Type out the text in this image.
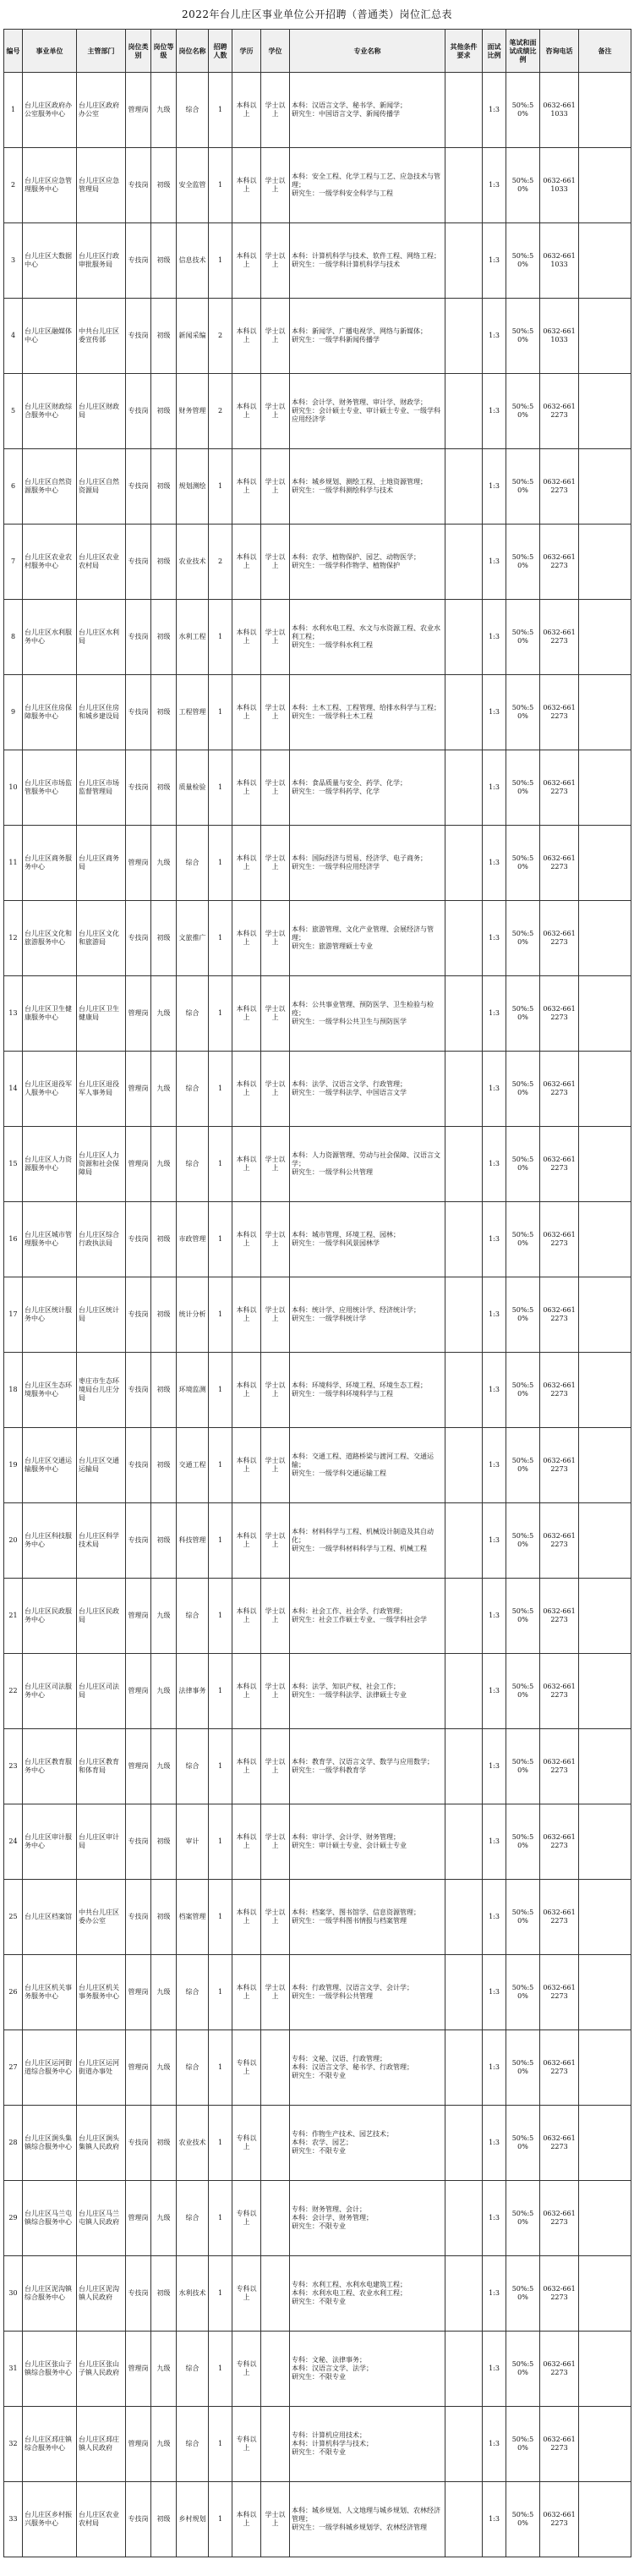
2022年台儿庄区事业单位公开招聘（普通类）岗位汇总表
编号	事业单位	主管部门	岗位类别	岗位等级	岗位名称	招聘人数	学历	学位	专业名称	其他条件要求	面试比例	笔试和面试成绩比例	咨询电话	备注
1	台儿庄区政府办公室服务中心	台儿庄区政府办公室	管理岗	九级	综合	1	本科以上	学士以上	本科：汉语言文学、秘书学、新闻学；
研究生：中国语言文学、新闻传播学		1:3	50%:50%	0632-6611033	
2	台儿庄区应急管理服务中心	台儿庄区应急管理局	专技岗	初级	安全监管	1	本科以上	学士以上	本科：安全工程、化学工程与工艺、应急技术与管理；
研究生：一级学科安全科学与工程		1:3	50%:50%	0632-6611033	
3	台儿庄区大数据中心	台儿庄区行政审批服务局	专技岗	初级	信息技术	1	本科以上	学士以上	本科：计算机科学与技术、软件工程、网络工程；
研究生：一级学科计算机科学与技术		1:3	50%:50%	0632-6611033	
4	台儿庄区融媒体中心	中共台儿庄区委宣传部	专技岗	初级	新闻采编	2	本科以上	学士以上	本科：新闻学、广播电视学、网络与新媒体；
研究生：一级学科新闻传播学		1:3	50%:50%	0632-6611033	
5	台儿庄区财政综合服务中心	台儿庄区财政局	专技岗	初级	财务管理	2	本科以上	学士以上	本科：会计学、财务管理、审计学、财政学；
研究生：会计硕士专业、审计硕士专业、一级学科应用经济学		1:3	50%:50%	0632-6612273	
6	台儿庄区自然资源服务中心	台儿庄区自然资源局	专技岗	初级	规划测绘	1	本科以上	学士以上	本科：城乡规划、测绘工程、土地资源管理；
研究生：一级学科测绘科学与技术		1:3	50%:50%	0632-6612273	
7	台儿庄区农业农村服务中心	台儿庄区农业农村局	专技岗	初级	农业技术	2	本科以上	学士以上	本科：农学、植物保护、园艺、动物医学；
研究生：一级学科作物学、植物保护		1:3	50%:50%	0632-6612273	
8	台儿庄区水利服务中心	台儿庄区水利局	专技岗	初级	水利工程	1	本科以上	学士以上	本科：水利水电工程、水文与水资源工程、农业水利工程；
研究生：一级学科水利工程		1:3	50%:50%	0632-6612273	
9	台儿庄区住房保障服务中心	台儿庄区住房和城乡建设局	专技岗	初级	工程管理	1	本科以上	学士以上	本科：土木工程、工程管理、给排水科学与工程；
研究生：一级学科土木工程		1:3	50%:50%	0632-6612273	
10	台儿庄区市场监管服务中心	台儿庄区市场监督管理局	专技岗	初级	质量检验	1	本科以上	学士以上	本科：食品质量与安全、药学、化学；
研究生：一级学科药学、化学		1:3	50%:50%	0632-6612273	
11	台儿庄区商务服务中心	台儿庄区商务局	管理岗	九级	综合	1	本科以上	学士以上	本科：国际经济与贸易、经济学、电子商务；
研究生：一级学科应用经济学		1:3	50%:50%	0632-6612273	
12	台儿庄区文化和旅游服务中心	台儿庄区文化和旅游局	专技岗	初级	文旅推广	1	本科以上	学士以上	本科：旅游管理、文化产业管理、会展经济与管理；
研究生：旅游管理硕士专业		1:3	50%:50%	0632-6612273	
13	台儿庄区卫生健康服务中心	台儿庄区卫生健康局	管理岗	九级	综合	1	本科以上	学士以上	本科：公共事业管理、预防医学、卫生检验与检疫；
研究生：一级学科公共卫生与预防医学		1:3	50%:50%	0632-6612273	
14	台儿庄区退役军人服务中心	台儿庄区退役军人事务局	管理岗	九级	综合	1	本科以上	学士以上	本科：法学、汉语言文学、行政管理；
研究生：一级学科法学、中国语言文学		1:3	50%:50%	0632-6612273	
15	台儿庄区人力资源服务中心	台儿庄区人力资源和社会保障局	管理岗	九级	综合	1	本科以上	学士以上	本科：人力资源管理、劳动与社会保障、汉语言文学；
研究生：一级学科公共管理		1:3	50%:50%	0632-6612273	
16	台儿庄区城市管理服务中心	台儿庄区综合行政执法局	专技岗	初级	市政管理	1	本科以上	学士以上	本科：城市管理、环境工程、园林；
研究生：一级学科风景园林学		1:3	50%:50%	0632-6612273	
17	台儿庄区统计服务中心	台儿庄区统计局	专技岗	初级	统计分析	1	本科以上	学士以上	本科：统计学、应用统计学、经济统计学；
研究生：一级学科统计学		1:3	50%:50%	0632-6612273	
18	台儿庄区生态环境服务中心	枣庄市生态环境局台儿庄分局	专技岗	初级	环境监测	1	本科以上	学士以上	本科：环境科学、环境工程、环境生态工程；
研究生：一级学科环境科学与工程		1:3	50%:50%	0632-6612273	
19	台儿庄区交通运输服务中心	台儿庄区交通运输局	专技岗	初级	交通工程	1	本科以上	学士以上	本科：交通工程、道路桥梁与渡河工程、交通运输；
研究生：一级学科交通运输工程		1:3	50%:50%	0632-6612273	
20	台儿庄区科技服务中心	台儿庄区科学技术局	专技岗	初级	科技管理	1	本科以上	学士以上	本科：材料科学与工程、机械设计制造及其自动化；
研究生：一级学科材料科学与工程、机械工程		1:3	50%:50%	0632-6612273	
21	台儿庄区民政服务中心	台儿庄区民政局	管理岗	九级	综合	1	本科以上	学士以上	本科：社会工作、社会学、行政管理；
研究生：社会工作硕士专业、一级学科社会学		1:3	50%:50%	0632-6612273	
22	台儿庄区司法服务中心	台儿庄区司法局	管理岗	九级	法律事务	1	本科以上	学士以上	本科：法学、知识产权、社会工作；
研究生：一级学科法学、法律硕士专业		1:3	50%:50%	0632-6612273	
23	台儿庄区教育服务中心	台儿庄区教育和体育局	管理岗	九级	综合	1	本科以上	学士以上	本科：教育学、汉语言文学、数学与应用数学；
研究生：一级学科教育学		1:3	50%:50%	0632-6612273	
24	台儿庄区审计服务中心	台儿庄区审计局	专技岗	初级	审计	1	本科以上	学士以上	本科：审计学、会计学、财务管理；
研究生：审计硕士专业、会计硕士专业		1:3	50%:50%	0632-6612273	
25	台儿庄区档案馆	中共台儿庄区委办公室	专技岗	初级	档案管理	1	本科以上	学士以上	本科：档案学、图书馆学、信息资源管理；
研究生：一级学科图书情报与档案管理		1:3	50%:50%	0632-6612273	
26	台儿庄区机关事务服务中心	台儿庄区机关事务服务中心	管理岗	九级	综合	1	本科以上	学士以上	本科：行政管理、汉语言文学、会计学；
研究生：一级学科公共管理		1:3	50%:50%	0632-6612273	
27	台儿庄区运河街道综合服务中心	台儿庄区运河街道办事处	管理岗	九级	综合	1	专科以上		专科：文秘、汉语、行政管理；
本科：汉语言文学、秘书学、行政管理；
研究生：不限专业		1:3	50%:50%	0632-6612273	
28	台儿庄区涧头集镇综合服务中心	台儿庄区涧头集镇人民政府	专技岗	初级	农业技术	1	专科以上		专科：作物生产技术、园艺技术；
本科：农学、园艺；
研究生：不限专业		1:3	50%:50%	0632-6612273	
29	台儿庄区马兰屯镇综合服务中心	台儿庄区马兰屯镇人民政府	管理岗	九级	综合	1	专科以上		专科：财务管理、会计；
本科：会计学、财务管理；
研究生：不限专业		1:3	50%:50%	0632-6612273	
30	台儿庄区泥沟镇综合服务中心	台儿庄区泥沟镇人民政府	专技岗	初级	水利技术	1	专科以上		专科：水利工程、水利水电建筑工程；
本科：水利水电工程、农业水利工程；
研究生：不限专业		1:3	50%:50%	0632-6612273	
31	台儿庄区张山子镇综合服务中心	台儿庄区张山子镇人民政府	管理岗	九级	综合	1	专科以上		专科：文秘、法律事务；
本科：汉语言文学、法学；
研究生：不限专业		1:3	50%:50%	0632-6612273	
32	台儿庄区邳庄镇综合服务中心	台儿庄区邳庄镇人民政府	管理岗	九级	综合	1	专科以上		专科：计算机应用技术；
本科：计算机科学与技术；
研究生：不限专业		1:3	50%:50%	0632-6612273	
33	台儿庄区乡村振兴服务中心	台儿庄区农业农村局	专技岗	初级	乡村规划	1	本科以上	学士以上	本科：城乡规划、人文地理与城乡规划、农林经济管理；
研究生：一级学科城乡规划学、农林经济管理		1:3	50%:50%	0632-6612273	
